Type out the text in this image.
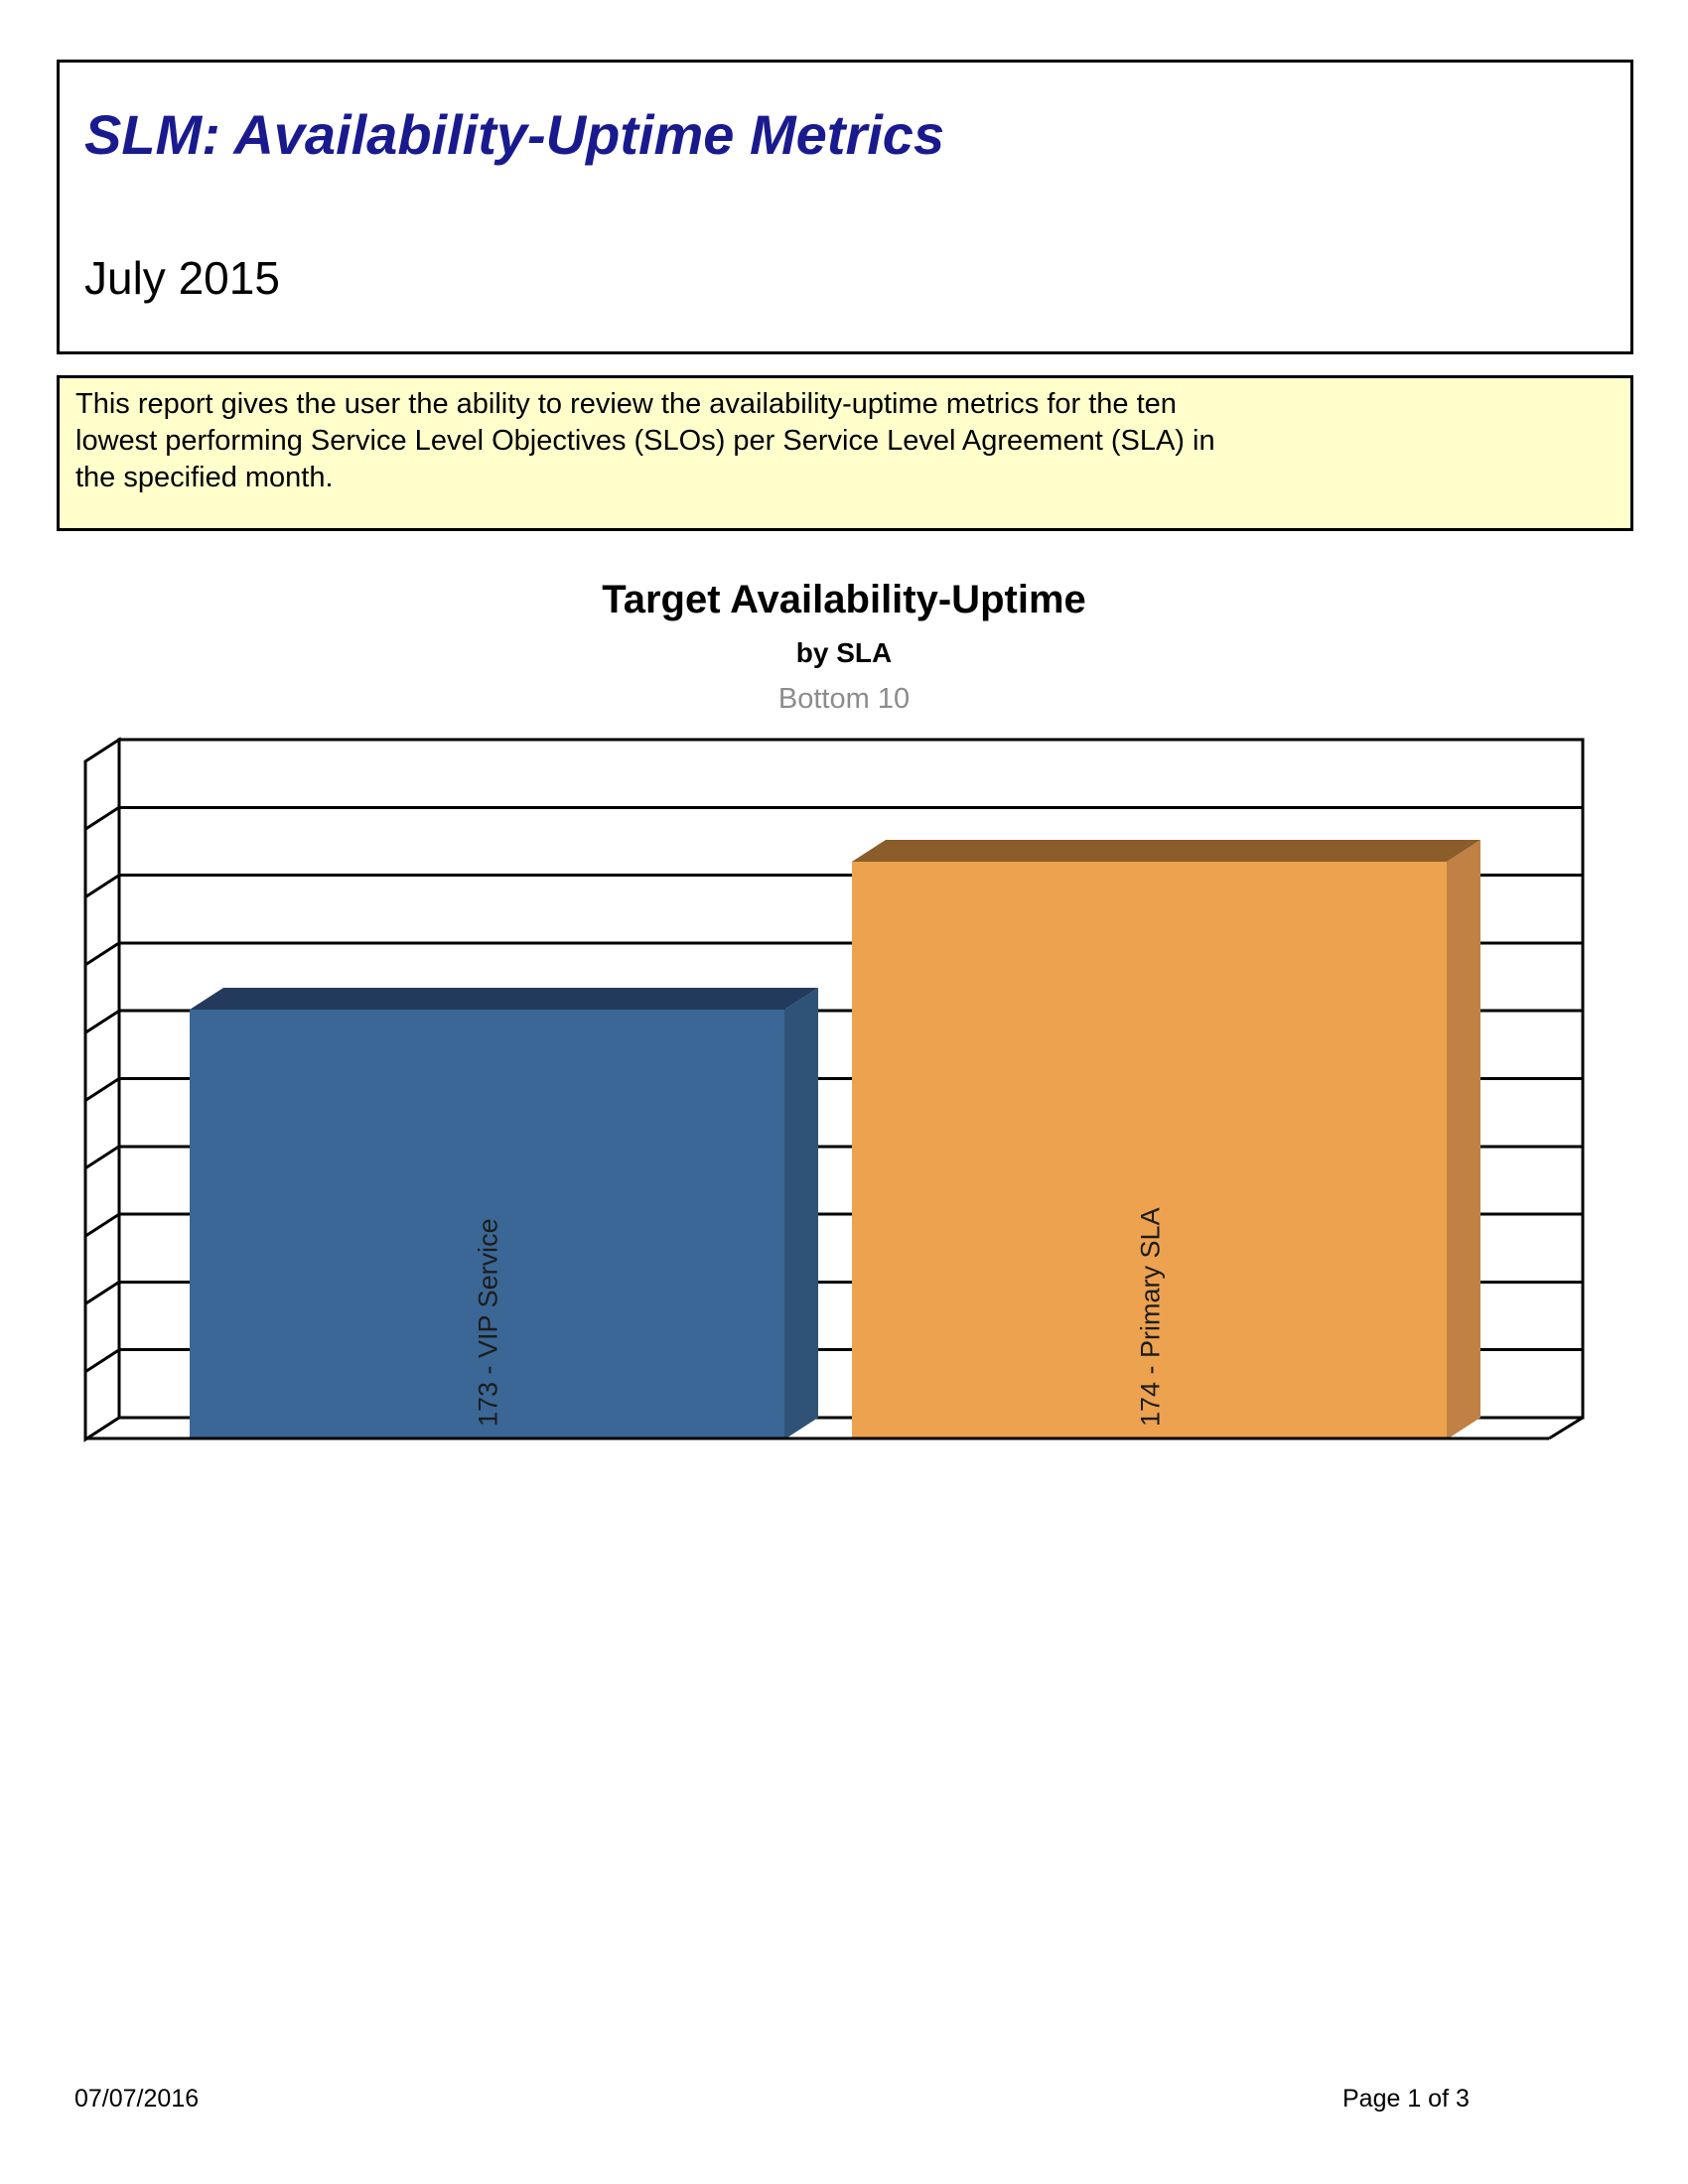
SLM: Availability-Uptime Metrics
July 2015
This report gives the user the ability to review the availability-uptime metrics for the ten
lowest performing Service Level Objectives (SLOs) per Service Level Agreement (SLA) in
the specified month.
Target Availability-Uptime
by SLA
Bottom 10
173 - VIP Service	174 - Primary SLA
07/07/2016	Page 1 of 3
